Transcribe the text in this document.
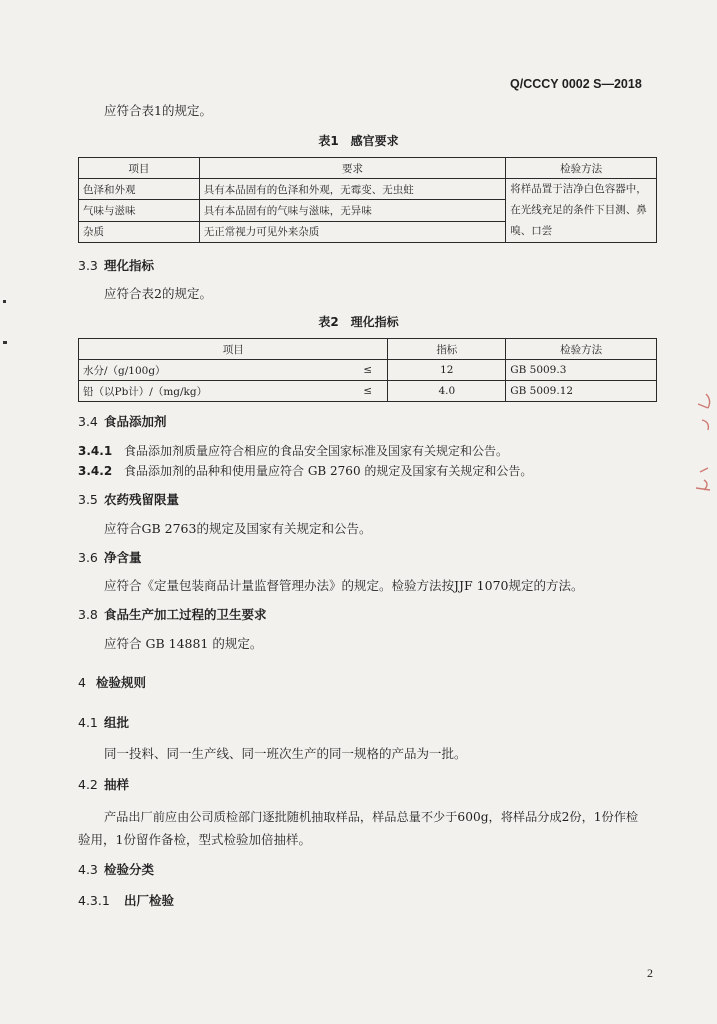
Q/CCCY 0002 S—2018
应符合表1的规定。
表1　感官要求
项目	要求	检验方法
色泽和外观	具有本品固有的色泽和外观，无霉变、无虫蛀	将样品置于洁净白色容器中，在光线充足的条件下目测、鼻嗅、口尝
气味与滋味	具有本品固有的气味与滋味，无异味	
杂质	无正常视力可见外来杂质	
3.3 理化指标
应符合表2的规定。
表2　理化指标
项目		指标	检验方法
水分/（g/100g）	≤	12	GB 5009.3
铅（以Pb计）/（mg/kg）	≤	4.0	GB 5009.12
3.4 食品添加剂
3.4.1 食品添加剂质量应符合相应的食品安全国家标准及国家有关规定和公告。
3.4.2 食品添加剂的品种和使用量应符合 GB 2760 的规定及国家有关规定和公告。
3.5 农药残留限量
应符合GB 2763的规定及国家有关规定和公告。
3.6 净含量
应符合《定量包装商品计量监督管理办法》的规定。检验方法按JJF 1070规定的方法。
3.8 食品生产加工过程的卫生要求
应符合 GB 14881 的规定。
4 检验规则
4.1 组批
同一投料、同一生产线、同一班次生产的同一规格的产品为一批。
4.2 抽样
产品出厂前应由公司质检部门逐批随机抽取样品，样品总量不少于600g，将样品分成2份，1份作检
验用，1份留作备检，型式检验加倍抽样。
4.3 检验分类
4.3.1 出厂检验
2
